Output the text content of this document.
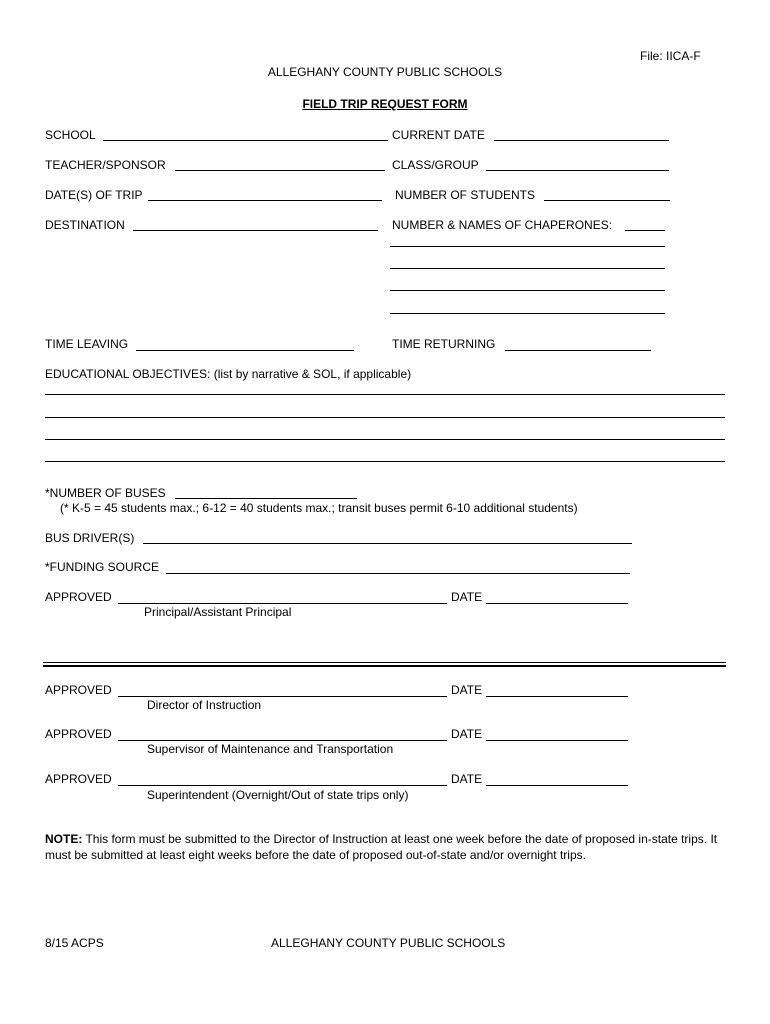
File: IICA-F
ALLEGHANY COUNTY PUBLIC SCHOOLS
FIELD TRIP REQUEST FORM
SCHOOL	CURRENT DATE
TEACHER/SPONSOR	CLASS/GROUP
DATE(S) OF TRIP	NUMBER OF STUDENTS
DESTINATION	NUMBER & NAMES OF CHAPERONES:
TIME LEAVING	TIME RETURNING
EDUCATIONAL OBJECTIVES: (list by narrative & SOL, if applicable)
*NUMBER OF BUSES
(* K-5 = 45 students max.; 6-12 = 40 students max.; transit buses permit 6-10 additional students)
BUS DRIVER(S)
*FUNDING SOURCE
APPROVED	DATE
Principal/Assistant Principal
APPROVED	DATE
Director of Instruction
APPROVED	DATE
Supervisor of Maintenance and Transportation
APPROVED	DATE
Superintendent (Overnight/Out of state trips only)
NOTE: This form must be submitted to the Director of Instruction at least one week before the date of proposed in-state trips. It must be submitted at least eight weeks before the date of proposed out-of-state and/or overnight trips.
8/15 ACPS	ALLEGHANY COUNTY PUBLIC SCHOOLS
